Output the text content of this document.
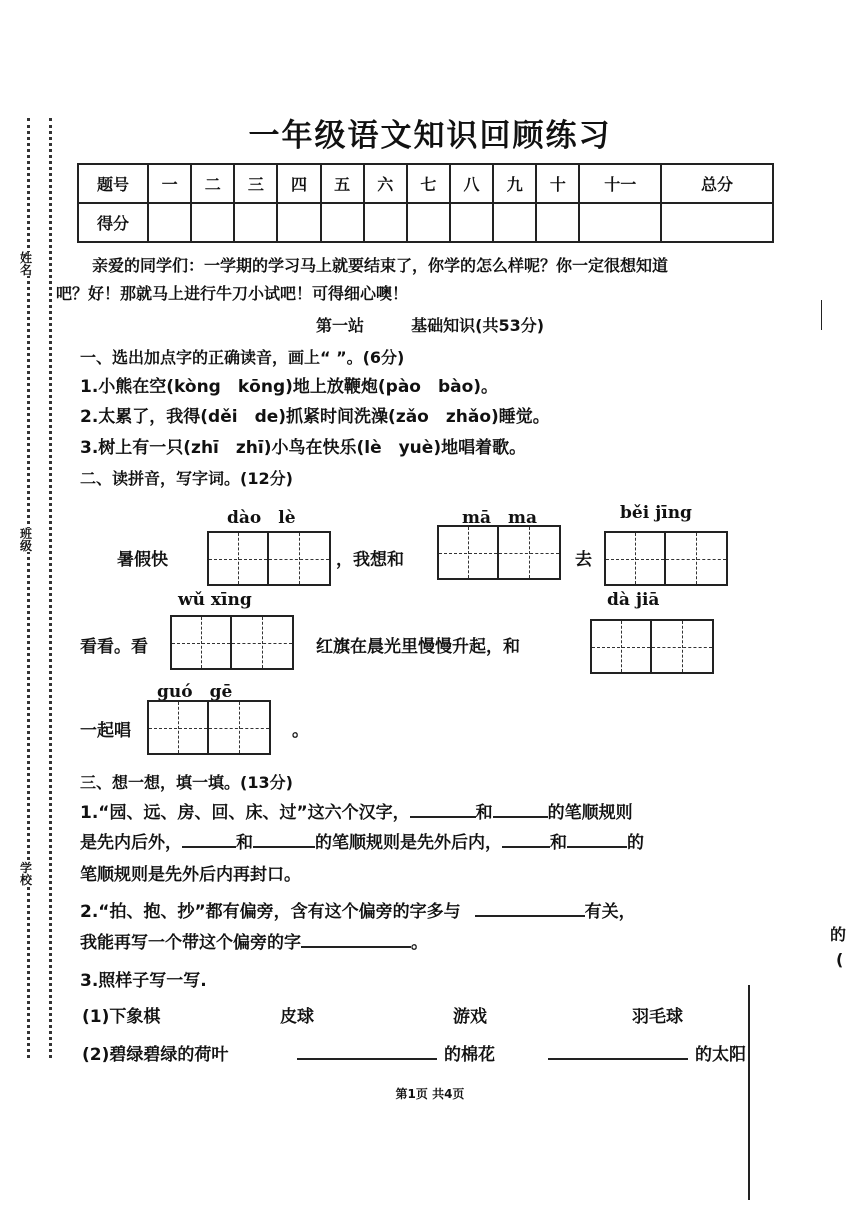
姓名
班级
学校
一年级语文知识回顾练习
题号	一	二	三	四	五	六	七	八	九	十	十一	总分
得分												
亲爱的同学们：一学期的学习马上就要结束了，你学的怎么样呢？你一定很想知道
吧？好！那就马上进行牛刀小试吧！可得细心噢！
第一站	基础知识(共53分)
一、选出加点字的正确读音，画上“ ”。(6分)
1.小熊在空(kòng　kōng)地上放鞭炮(pào　bào)。
2.太累了，我得(děi　de)抓紧时间洗澡(zǎo　zhǎo)睡觉。
3.树上有一只(zhī　zhī)小鸟在快乐(lè　yuè)地唱着歌。
二、读拼音，写字词。(12分)
dào　lè	mā　ma	běi jīng
暑假快	，我想和	去
wǔ xīng	dà jiā
看看。看	红旗在晨光里慢慢升起，和
guó　gē
一起唱	。
三、想一想，填一填。(13分)
1.“园、远、房、回、床、过”这六个汉字，	和	的笔顺规则
是先内后外，	和	的笔顺规则是先外后内，	和	的
笔顺规则是先外后内再封口。
2.“拍、抱、抄”都有偏旁，含有这个偏旁的字多与	有关，
我能再写一个带这个偏旁的字	。
3.照样子写一写.
(1)下象棋	皮球	游戏	羽毛球
(2)碧绿碧绿的荷叶	的棉花	的太阳
第1页 共4页
的
(
